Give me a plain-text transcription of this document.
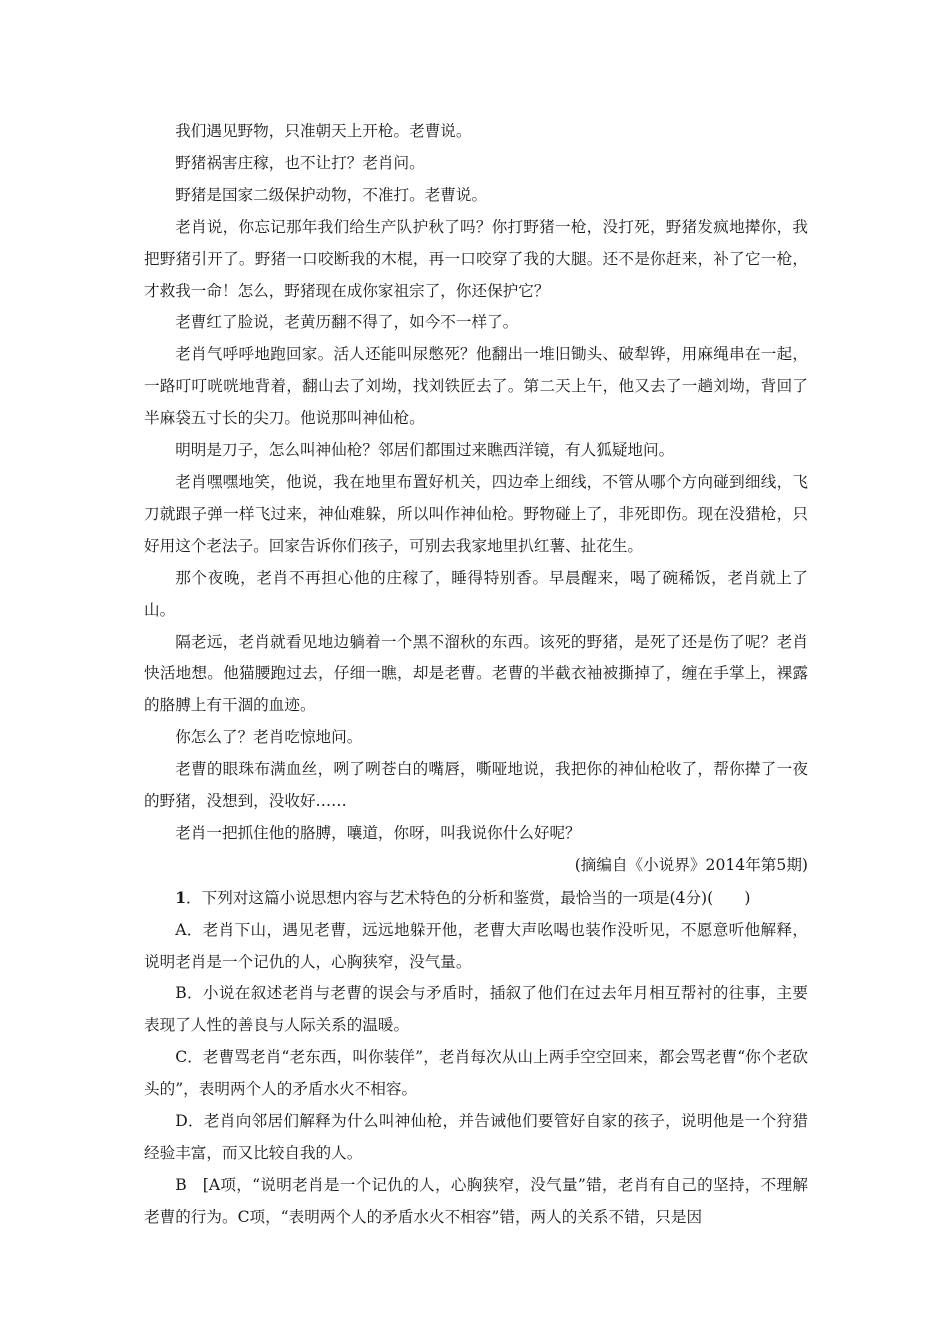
我们遇见野物，只准朝天上开枪。老曹说。

野猪祸害庄稼，也不让打？老肖问。

野猪是国家二级保护动物，不准打。老曹说。

老肖说，你忘记那年我们给生产队护秋了吗？你打野猪一枪，没打死，野猪发疯地撵你，我把野猪引开了。野猪一口咬断我的木棍，再一口咬穿了我的大腿。还不是你赶来，补了它一枪，才救我一命！怎么，野猪现在成你家祖宗了，你还保护它？

老曹红了脸说，老黄历翻不得了，如今不一样了。

老肖气呼呼地跑回家。活人还能叫尿憋死？他翻出一堆旧锄头、破犁铧，用麻绳串在一起，一路叮叮咣咣地背着，翻山去了刘坳，找刘铁匠去了。第二天上午，他又去了一趟刘坳，背回了半麻袋五寸长的尖刀。他说那叫神仙枪。

明明是刀子，怎么叫神仙枪？邻居们都围过来瞧西洋镜，有人狐疑地问。

老肖嘿嘿地笑，他说，我在地里布置好机关，四边牵上细线，不管从哪个方向碰到细线，飞刀就跟子弹一样飞过来，神仙难躲，所以叫作神仙枪。野物碰上了，非死即伤。现在没猎枪，只好用这个老法子。回家告诉你们孩子，可别去我家地里扒红薯、扯花生。

那个夜晚，老肖不再担心他的庄稼了，睡得特别香。早晨醒来，喝了碗稀饭，老肖就上了山。

隔老远，老肖就看见地边躺着一个黑不溜秋的东西。该死的野猪，是死了还是伤了呢？老肖快活地想。他猫腰跑过去，仔细一瞧，却是老曹。老曹的半截衣袖被撕掉了，缠在手掌上，裸露的胳膊上有干涸的血迹。

你怎么了？老肖吃惊地问。

老曹的眼珠布满血丝，咧了咧苍白的嘴唇，嘶哑地说，我把你的神仙枪收了，帮你撵了一夜的野猪，没想到，没收好……

老肖一把抓住他的胳膊，嚷道，你呀，叫我说你什么好呢？

(摘编自《小说界》2014年第5期)

1．下列对这篇小说思想内容与艺术特色的分析和鉴赏，最恰当的一项是(4分)(　　)

A．老肖下山，遇见老曹，远远地躲开他，老曹大声吆喝也装作没听见，不愿意听他解释，说明老肖是一个记仇的人，心胸狭窄，没气量。

B．小说在叙述老肖与老曹的误会与矛盾时，插叙了他们在过去年月相互帮衬的往事，主要表现了人性的善良与人际关系的温暖。

C．老曹骂老肖“老东西，叫你装佯”，老肖每次从山上两手空空回来，都会骂老曹“你个老砍头的”，表明两个人的矛盾水火不相容。

D．老肖向邻居们解释为什么叫神仙枪，并告诫他们要管好自家的孩子，说明他是一个狩猎经验丰富，而又比较自我的人。

B　[A项，“说明老肖是一个记仇的人，心胸狭窄，没气量”错，老肖有自己的坚持，不理解老曹的行为。C项，“表明两个人的矛盾水火不相容”错，两人的关系不错，只是因
